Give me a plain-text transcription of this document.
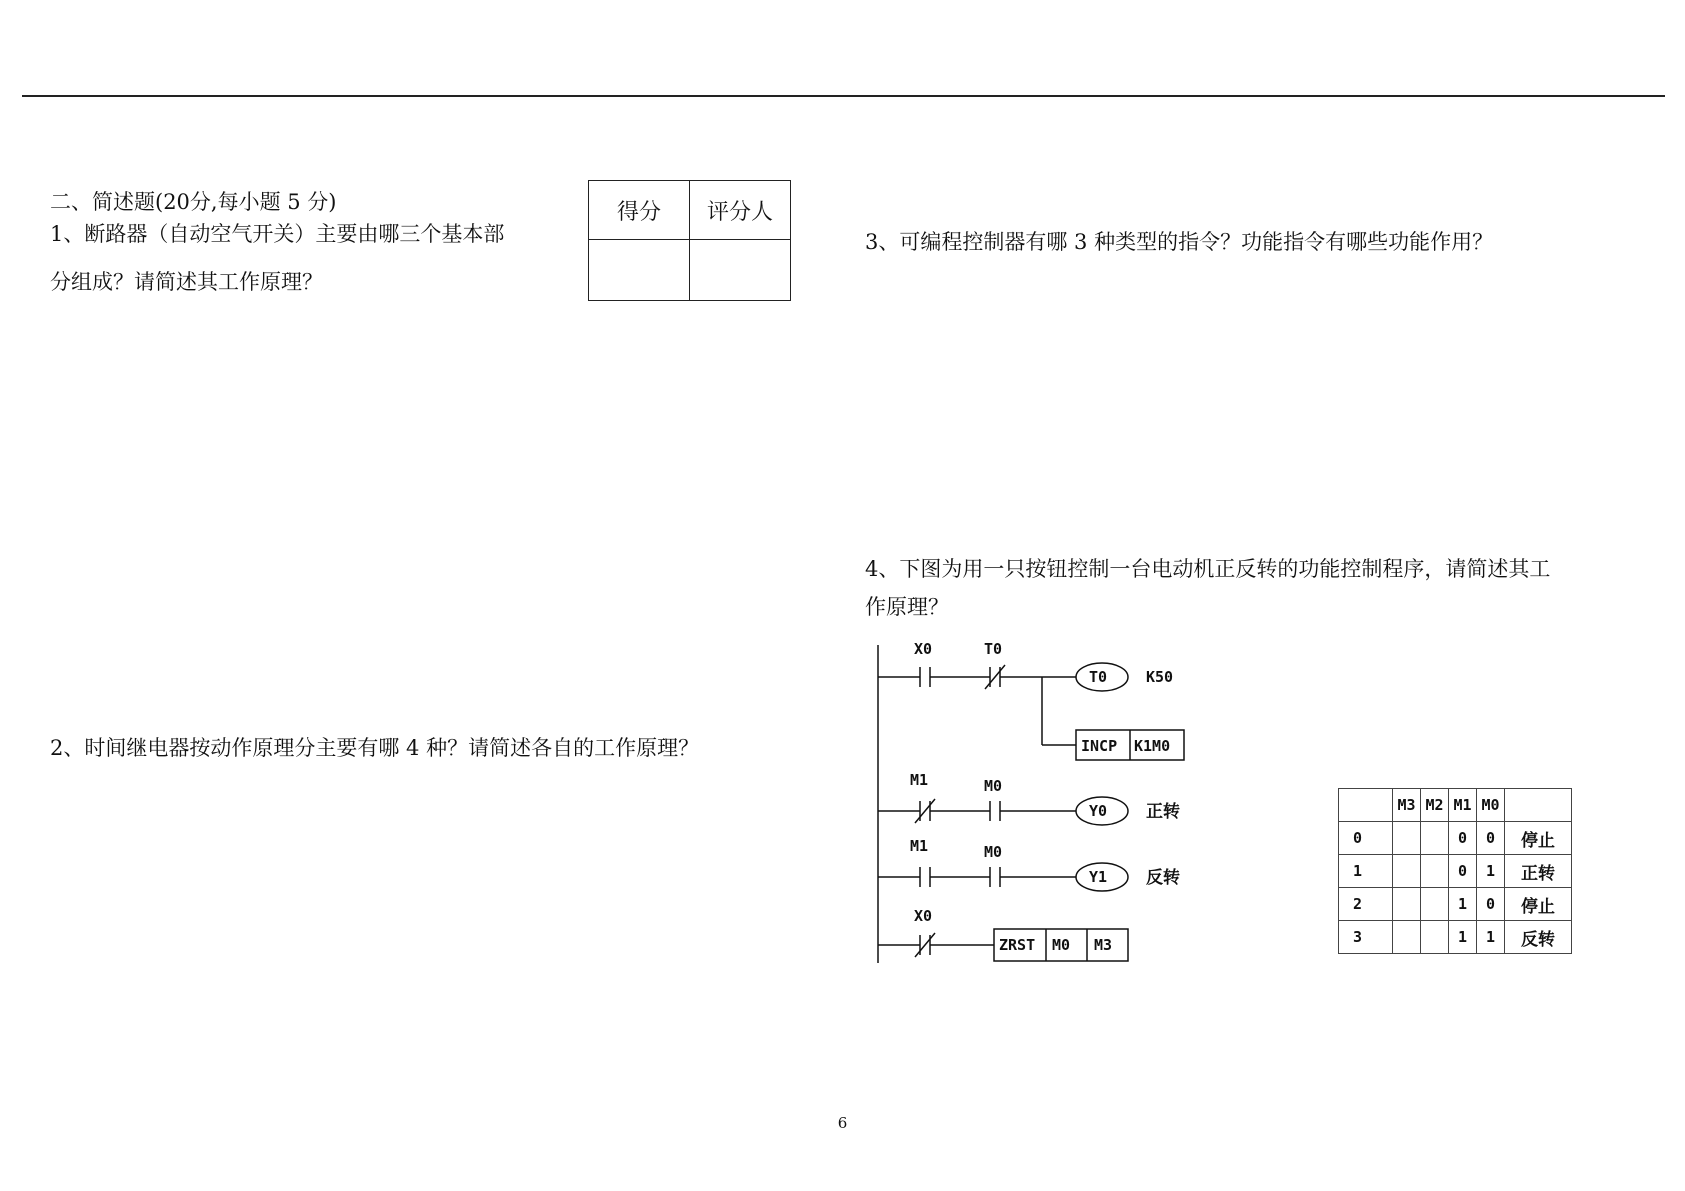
二、简述题(20分,每小题 5 分)
1、断路器（自动空气开关）主要由哪三个基本部
分组成？请简述其工作原理？
得分	评分人

2、时间继电器按动作原理分主要有哪 4 种？请简述各自的工作原理？
3、可编程控制器有哪 3 种类型的指令？功能指令有哪些功能作用？
4、下图为用一只按钮控制一台电动机正反转的功能控制程序，请简述其工
作原理？
X0	T0
T0	K50
INCP K1M0
M1	M0
Y0 正转
M1	M0
Y1 反转
X0
ZRST M0 M3
	M3	M2	M1	M0	
0			0	0	停止
1			0	1	正转
2			1	0	停止
3			1	1	反转
6
